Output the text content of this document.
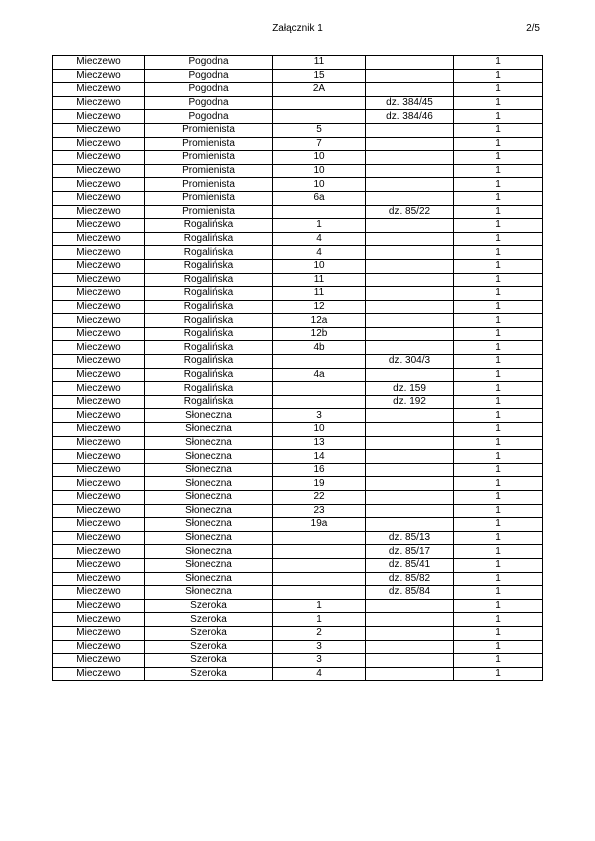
Załącznik 1	2/5
Mieczewo	Pogodna	11		1
Mieczewo	Pogodna	15		1
Mieczewo	Pogodna	2A		1
Mieczewo	Pogodna		dz. 384/45	1
Mieczewo	Pogodna		dz. 384/46	1
Mieczewo	Promienista	5		1
Mieczewo	Promienista	7		1
Mieczewo	Promienista	10		1
Mieczewo	Promienista	10		1
Mieczewo	Promienista	10		1
Mieczewo	Promienista	6a		1
Mieczewo	Promienista		dz. 85/22	1
Mieczewo	Rogalińska	1		1
Mieczewo	Rogalińska	4		1
Mieczewo	Rogalińska	4		1
Mieczewo	Rogalińska	10		1
Mieczewo	Rogalińska	11		1
Mieczewo	Rogalińska	11		1
Mieczewo	Rogalińska	12		1
Mieczewo	Rogalińska	12a		1
Mieczewo	Rogalińska	12b		1
Mieczewo	Rogalińska	4b		1
Mieczewo	Rogalińska		dz. 304/3	1
Mieczewo	Rogalińska	4a		1
Mieczewo	Rogalińska		dz. 159	1
Mieczewo	Rogalińska		dz. 192	1
Mieczewo	Słoneczna	3		1
Mieczewo	Słoneczna	10		1
Mieczewo	Słoneczna	13		1
Mieczewo	Słoneczna	14		1
Mieczewo	Słoneczna	16		1
Mieczewo	Słoneczna	19		1
Mieczewo	Słoneczna	22		1
Mieczewo	Słoneczna	23		1
Mieczewo	Słoneczna	19a		1
Mieczewo	Słoneczna		dz. 85/13	1
Mieczewo	Słoneczna		dz. 85/17	1
Mieczewo	Słoneczna		dz. 85/41	1
Mieczewo	Słoneczna		dz. 85/82	1
Mieczewo	Słoneczna		dz. 85/84	1
Mieczewo	Szeroka	1		1
Mieczewo	Szeroka	1		1
Mieczewo	Szeroka	2		1
Mieczewo	Szeroka	3		1
Mieczewo	Szeroka	3		1
Mieczewo	Szeroka	4		1
